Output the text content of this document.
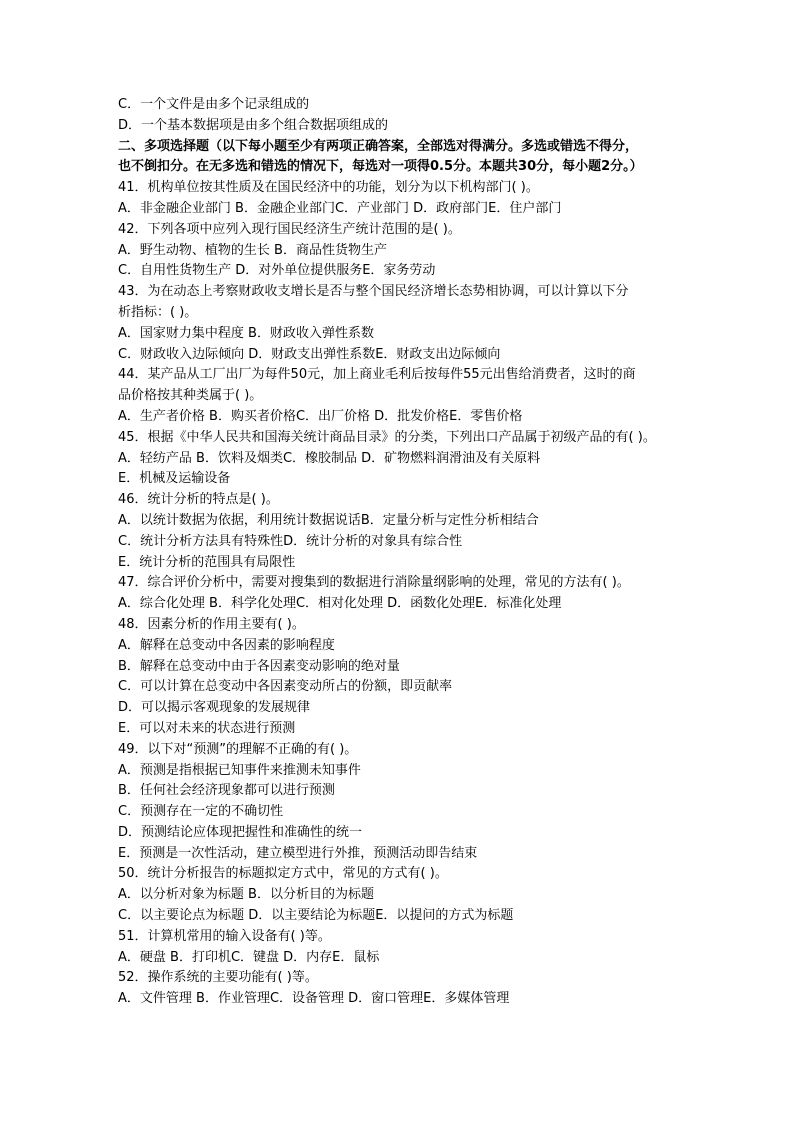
C．一个文件是由多个记录组成的
D．一个基本数据项是由多个组合数据项组成的
二、多项选择题（以下每小题至少有两项正确答案，全部选对得满分。多选或错选不得分，
也不倒扣分。在无多选和错选的情况下，每选对一项得0.5分。本题共30分，每小题2分。）
41．机构单位按其性质及在国民经济中的功能，划分为以下机构部门( )。
A．非金融企业部门 B．金融企业部门C．产业部门 D．政府部门E．住户部门
42．下列各项中应列入现行国民经济生产统计范围的是( )。
A．野生动物、植物的生长 B．商品性货物生产
C．自用性货物生产 D．对外单位提供服务E．家务劳动
43．为在动态上考察财政收支增长是否与整个国民经济增长态势相协调，可以计算以下分
析指标：( )。
A．国家财力集中程度 B．财政收入弹性系数
C．财政收入边际倾向 D．财政支出弹性系数E．财政支出边际倾向
44．某产品从工厂出厂为每件50元，加上商业毛利后按每件55元出售给消费者，这时的商
品价格按其种类属于( )。
A．生产者价格 B．购买者价格C．出厂价格 D．批发价格E．零售价格
45．根据《中华人民共和国海关统计商品目录》的分类，下列出口产品属于初级产品的有( )。
A．轻纺产品 B．饮料及烟类C．橡胶制品 D．矿物燃料润滑油及有关原料
E．机械及运输设备
46．统计分析的特点是( )。
A．以统计数据为依据，利用统计数据说话B．定量分析与定性分析相结合
C．统计分析方法具有特殊性D．统计分析的对象具有综合性
E．统计分析的范围具有局限性
47．综合评价分析中，需要对搜集到的数据进行消除量纲影响的处理，常见的方法有( )。
A．综合化处理 B．科学化处理C．相对化处理 D．函数化处理E．标准化处理
48．因素分析的作用主要有( )。
A．解释在总变动中各因素的影响程度
B．解释在总变动中由于各因素变动影响的绝对量
C．可以计算在总变动中各因素变动所占的份额，即贡献率
D．可以揭示客观现象的发展规律
E．可以对未来的状态进行预测
49．以下对“预测”的理解不正确的有( )。
A．预测是指根据已知事件来推测未知事件
B．任何社会经济现象都可以进行预测
C．预测存在一定的不确切性
D．预测结论应体现把握性和准确性的统一
E．预测是一次性活动，建立模型进行外推，预测活动即告结束
50．统计分析报告的标题拟定方式中，常见的方式有( )。
A．以分析对象为标题 B．以分析目的为标题
C．以主要论点为标题 D．以主要结论为标题E．以提问的方式为标题
51．计算机常用的输入设备有( )等。
A．硬盘 B．打印机C．键盘 D．内存E．鼠标
52．操作系统的主要功能有( )等。
A．文件管理 B．作业管理C．设备管理 D．窗口管理E．多媒体管理
